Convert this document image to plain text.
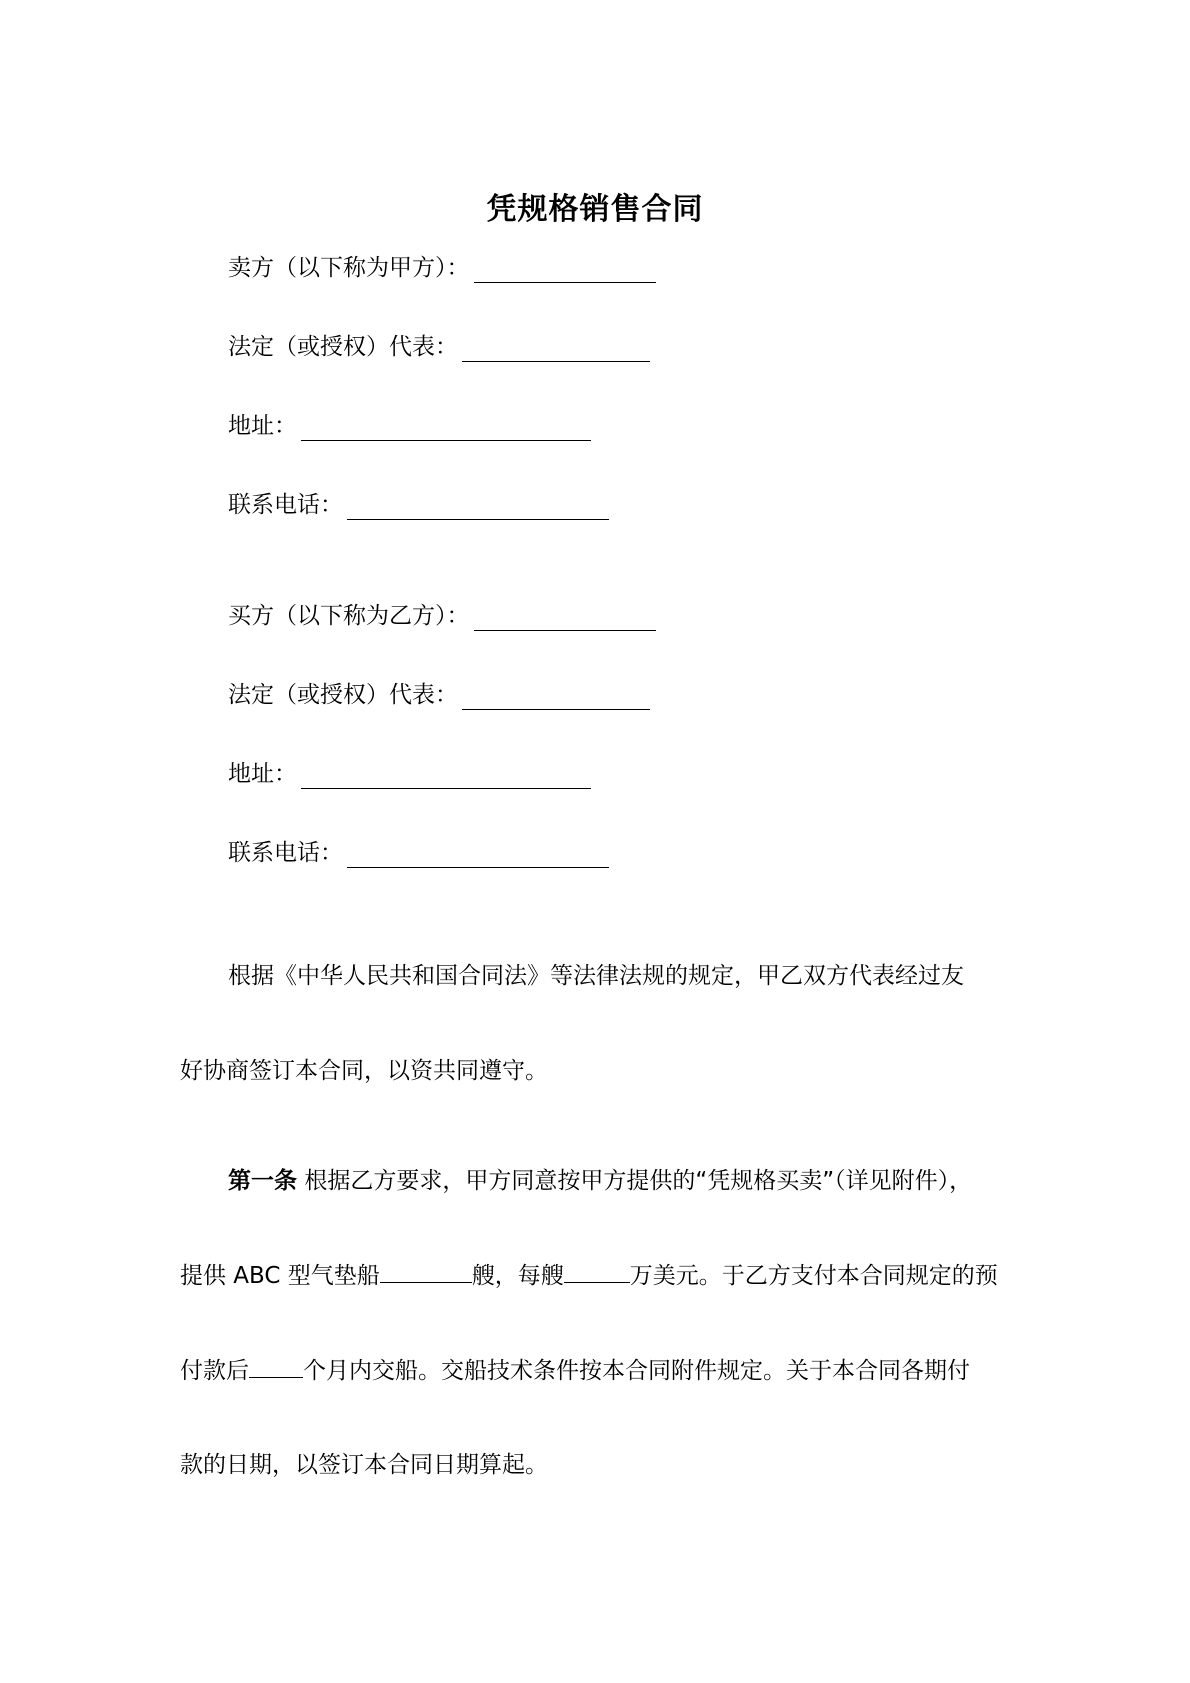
凭规格销售合同
卖方（以下称为甲方）：
法定（或授权）代表：
地址：
联系电话：
买方（以下称为乙方）：
法定（或授权）代表：
地址：
联系电话：
根据《中华人民共和国合同法》等法律法规的规定，甲乙双方代表经过友
好协商签订本合同，以资共同遵守。
第一条 根据乙方要求，甲方同意按甲方提供的“凭规格买卖”（详见附件），
提供 ABC 型气垫船	艘，每艘	万美元。于乙方支付本合同规定的预
付款后 个月内交船。交船技术条件按本合同附件规定。关于本合同各期付
款的日期，以签订本合同日期算起。
